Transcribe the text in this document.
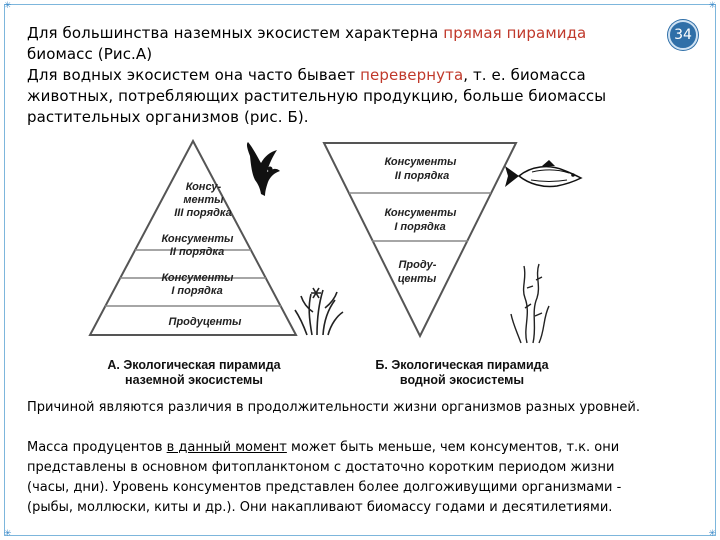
✳	✳
✳	✳
Для большинства наземных экосистем характерна прямая пирамида
биомасс (Рис.А)
Для водных экосистем она часто бывает перевернута, т. е. биомасса
животных, потребляющих растительную продукцию, больше биомассы
растительных организмов (рис. Б).
34
Консу- менты III порядка
Консументы II порядка
Консументы I порядка
Продуценты
Консументы II порядка
Консументы I порядка
Проду- центы
А. Экологическая пирамида
наземной экосистемы
Б. Экологическая пирамида
водной экосистемы
Причиной являются различия в продолжительности жизни организмов разных уровней.
Масса продуцентов в данный момент может быть меньше, чем консументов, т.к. они
представлены в основном фитопланктоном с достаточно коротким периодом жизни
(часы, дни). Уровень консументов представлен более долгоживущими организмами -
(рыбы, моллюски, киты и др.). Они накапливают биомассу годами и десятилетиями.
